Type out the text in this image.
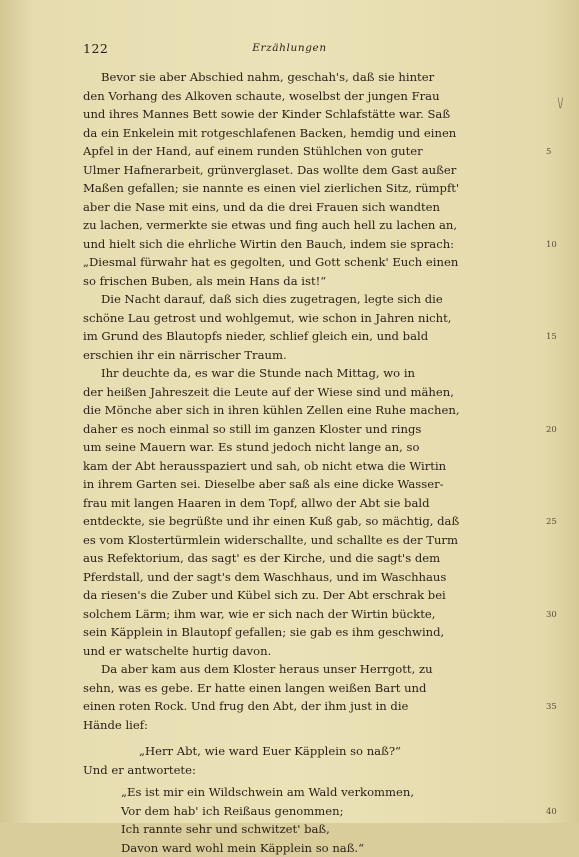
122	Erzählungen
\/
Bevor sie aber Abschied nahm, geschah's, daß sie hinter
den Vorhang des Alkoven schaute, woselbst der jungen Frau
und ihres Mannes Bett sowie der Kinder Schlafstätte war. Saß
da ein Enkelein mit rotgeschlafenen Backen, hemdig und einen
Apfel in der Hand, auf einem runden Stühlchen von guter
Ulmer Hafnerarbeit, grünverglaset. Das wollte dem Gast außer
Maßen gefallen; sie nannte es einen viel zierlichen Sitz, rümpft'
aber die Nase mit eins, und da die drei Frauen sich wandten
zu lachen, vermerkte sie etwas und fing auch hell zu lachen an,
und hielt sich die ehrliche Wirtin den Bauch, indem sie sprach:
„Diesmal fürwahr hat es gegolten, und Gott schenk' Euch einen
so frischen Buben, als mein Hans da ist!“
Die Nacht darauf, daß sich dies zugetragen, legte sich die
schöne Lau getrost und wohlgemut, wie schon in Jahren nicht,
im Grund des Blautopfs nieder, schlief gleich ein, und bald
erschien ihr ein närrischer Traum.
Ihr deuchte da, es war die Stunde nach Mittag, wo in
der heißen Jahreszeit die Leute auf der Wiese sind und mähen,
die Mönche aber sich in ihren kühlen Zellen eine Ruhe machen,
daher es noch einmal so still im ganzen Kloster und rings
um seine Mauern war. Es stund jedoch nicht lange an, so
kam der Abt herausspaziert und sah, ob nicht etwa die Wirtin
in ihrem Garten sei. Dieselbe aber saß als eine dicke Wasser-
frau mit langen Haaren in dem Topf, allwo der Abt sie bald
entdeckte, sie begrüßte und ihr einen Kuß gab, so mächtig, daß
es vom Klostertürmlein widerschallte, und schallte es der Turm
aus Refektorium, das sagt' es der Kirche, und die sagt's dem
Pferdstall, und der sagt's dem Waschhaus, und im Waschhaus
da riesen's die Zuber und Kübel sich zu. Der Abt erschrak bei
solchem Lärm; ihm war, wie er sich nach der Wirtin bückte,
sein Käpplein in Blautopf gefallen; sie gab es ihm geschwind,
und er watschelte hurtig davon.
Da aber kam aus dem Kloster heraus unser Herrgott, zu
sehn, was es gebe. Er hatte einen langen weißen Bart und
einen roten Rock. Und frug den Abt, der ihm just in die
Hände lief:
„Herr Abt, wie ward Euer Käpplein so naß?“
Und er antwortete:
„Es ist mir ein Wildschwein am Wald verkommen,
Vor dem hab' ich Reißaus genommen;
Ich rannte sehr und schwitzet' baß,
Davon ward wohl mein Käpplein so naß.“
5
10
15
20
25
30
35
40
